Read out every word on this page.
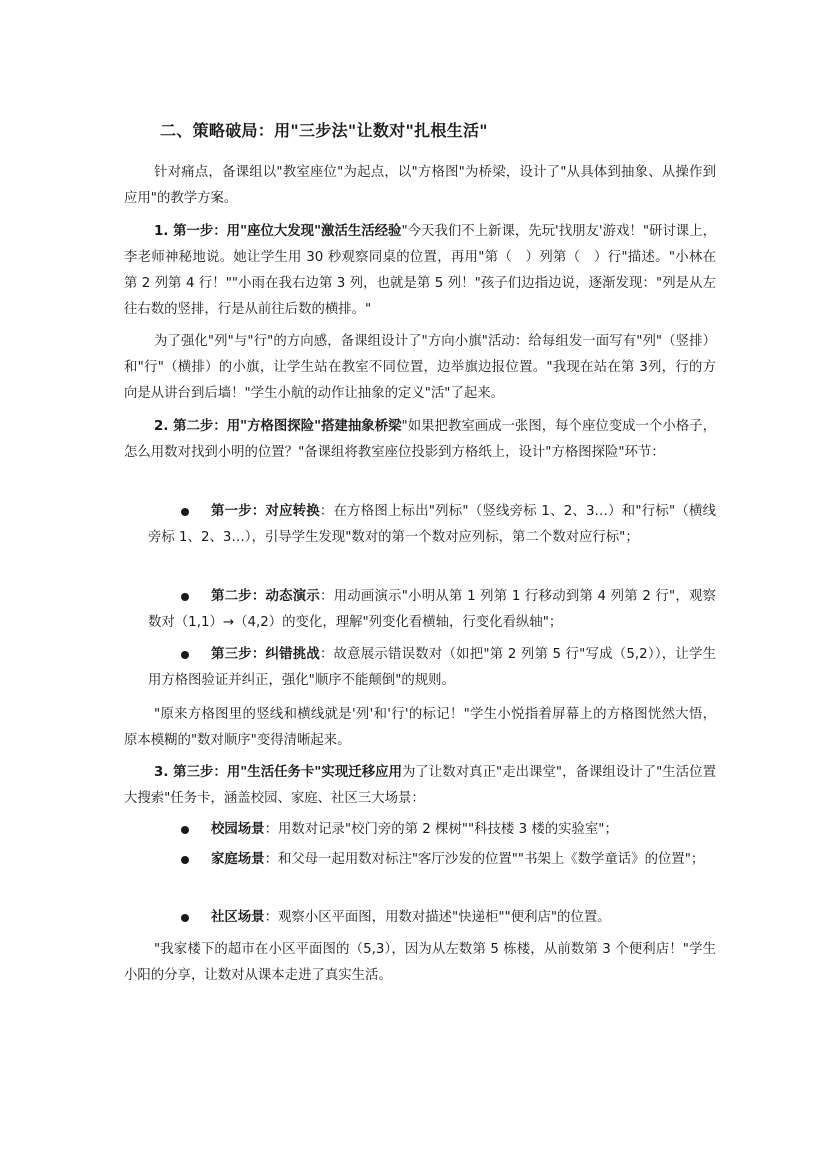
二、策略破局：用"三步法"让数对"扎根生活"

针对痛点，备课组以"教室座位"为起点，以"方格图"为桥梁，设计了"从具体到抽象、从操作到应用"的教学方案。

1. 第一步：用"座位大发现"激活生活经验"今天我们不上新课，先玩'找朋友'游戏！"研讨课上，李老师神秘地说。她让学生用 30 秒观察同桌的位置，再用"第（　）列第（　）行"描述。"小林在第 2 列第 4 行！""小雨在我右边第 3 列，也就是第 5 列！"孩子们边指边说，逐渐发现："列是从左往右数的竖排，行是从前往后数的横排。"

为了强化"列"与"行"的方向感，备课组设计了"方向小旗"活动：给每组发一面写有"列"（竖排）和"行"（横排）的小旗，让学生站在教室不同位置，边举旗边报位置。"我现在站在第 3列，行的方向是从讲台到后墙！"学生小航的动作让抽象的定义"活"了起来。

2. 第二步：用"方格图探险"搭建抽象桥梁"如果把教室画成一张图，每个座位变成一个小格子，怎么用数对找到小明的位置？"备课组将教室座位投影到方格纸上，设计"方格图探险"环节：

第一步：对应转换：在方格图上标出"列标"（竖线旁标 1、2、3…）和"行标"（横线旁标 1、2、3…），引导学生发现"数对的第一个数对应列标，第二个数对应行标"；

第二步：动态演示：用动画演示"小明从第 1 列第 1 行移动到第 4 列第 2 行"，观察数对（1,1）→（4,2）的变化，理解"列变化看横轴，行变化看纵轴"；

第三步：纠错挑战：故意展示错误数对（如把"第 2 列第 5 行"写成（5,2）），让学生用方格图验证并纠正，强化"顺序不能颠倒"的规则。

"原来方格图里的竖线和横线就是'列'和'行'的标记！"学生小悦指着屏幕上的方格图恍然大悟，原本模糊的"数对顺序"变得清晰起来。

3. 第三步：用"生活任务卡"实现迁移应用为了让数对真正"走出课堂"，备课组设计了"生活位置大搜索"任务卡，涵盖校园、家庭、社区三大场景：

校园场景：用数对记录"校门旁的第 2 棵树""科技楼 3 楼的实验室"；

家庭场景：和父母一起用数对标注"客厅沙发的位置""书架上《数学童话》的位置"；

社区场景：观察小区平面图，用数对描述"快递柜""便利店"的位置。

"我家楼下的超市在小区平面图的（5,3），因为从左数第 5 栋楼，从前数第 3 个便利店！"学生小阳的分享，让数对从课本走进了真实生活。
